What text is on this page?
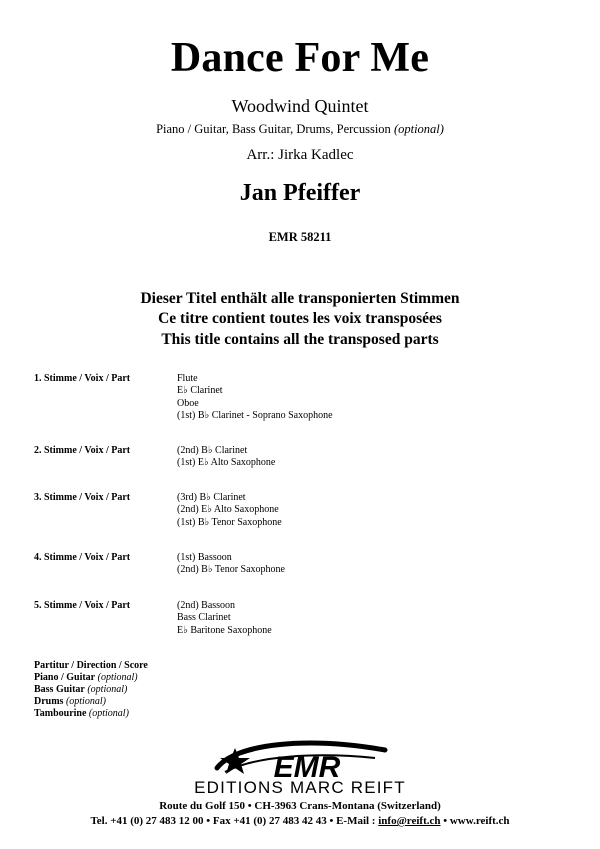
Dance For Me
Woodwind Quintet
Piano / Guitar, Bass Guitar, Drums, Percussion (optional)
Arr.: Jirka Kadlec
Jan Pfeiffer
EMR 58211
Dieser Titel enthält alle transponierten Stimmen
Ce titre contient toutes les voix transposées
This title contains all the transposed parts
1. Stimme / Voix / Part	Flute
E♭ Clarinet
Oboe
(1st) B♭ Clarinet - Soprano Saxophone
2. Stimme / Voix / Part	(2nd) B♭ Clarinet
(1st) E♭ Alto Saxophone
3. Stimme / Voix / Part	(3rd) B♭ Clarinet
(2nd) E♭ Alto Saxophone
(1st) B♭ Tenor Saxophone
4. Stimme / Voix / Part	(1st) Bassoon
(2nd) B♭ Tenor Saxophone
5. Stimme / Voix / Part	(2nd) Bassoon
Bass Clarinet
E♭ Baritone Saxophone
Partitur / Direction / Score
Piano / Guitar (optional)
Bass Guitar (optional)
Drums (optional)
Tambourine (optional)
EMR
EDITIONS MARC REIFT
Route du Golf 150 • CH-3963 Crans-Montana (Switzerland)
Tel. +41 (0) 27 483 12 00 • Fax +41 (0) 27 483 42 43 • E-Mail : info@reift.ch • www.reift.ch
